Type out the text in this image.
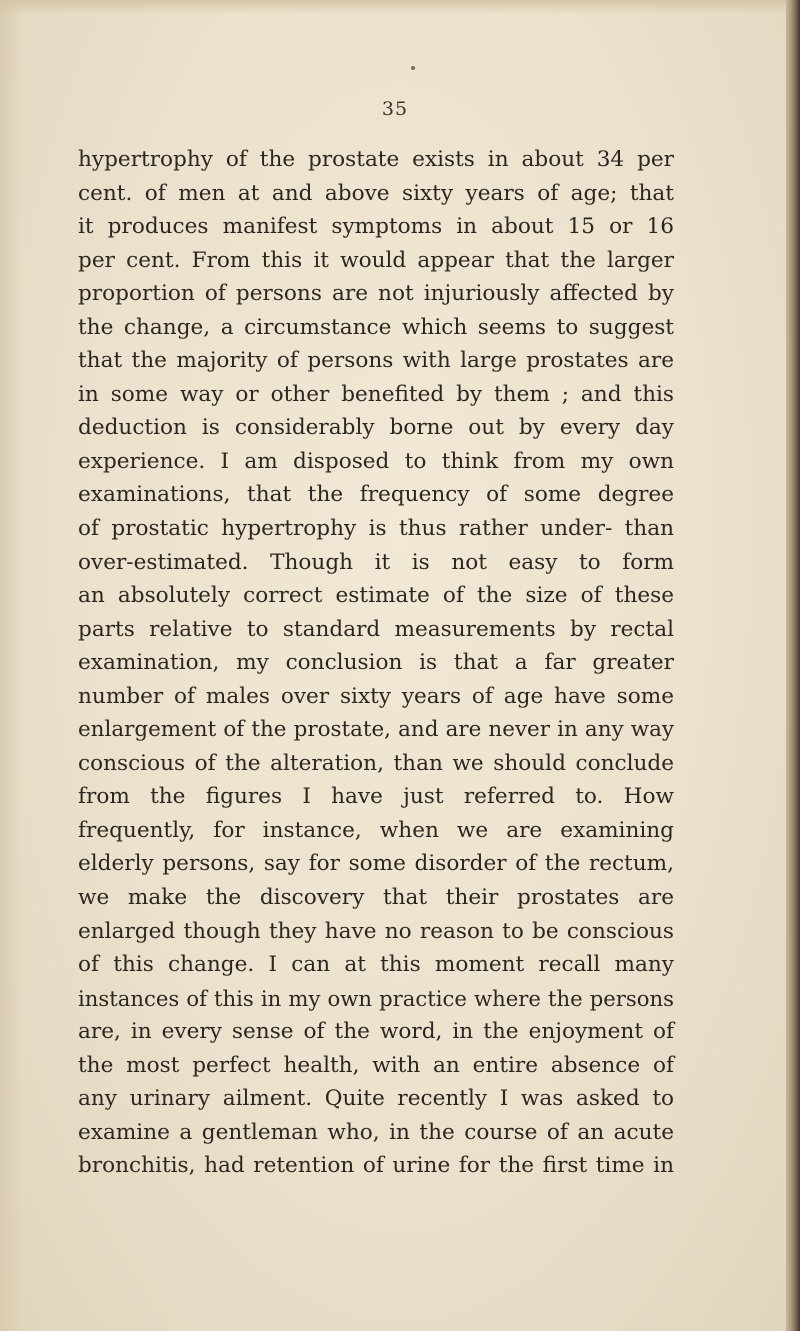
35

hypertrophy of the prostate exists in about 34 per
cent. of men at and above sixty years of age; that
it produces manifest symptoms in about 15 or 16
per cent. From this it would appear that the larger
proportion of persons are not injuriously affected by
the change, a circumstance which seems to suggest
that the majority of persons with large prostates are
in some way or other benefited by them ; and this
deduction is considerably borne out by every day
experience. I am disposed to think from my own
examinations, that the frequency of some degree
of prostatic hypertrophy is thus rather under- than
over-estimated. Though it is not easy to form
an absolutely correct estimate of the size of these
parts relative to standard measurements by rectal
examination, my conclusion is that a far greater
number of males over sixty years of age have some
enlargement of the prostate, and are never in any way
conscious of the alteration, than we should conclude
from the figures I have just referred to. How
frequently, for instance, when we are examining
elderly persons, say for some disorder of the rectum,
we make the discovery that their prostates are
enlarged though they have no reason to be conscious
of this change. I can at this moment recall many
instances of this in my own practice where the persons
are, in every sense of the word, in the enjoyment of
the most perfect health, with an entire absence of
any urinary ailment. Quite recently I was asked to
examine a gentleman who, in the course of an acute
bronchitis, had retention of urine for the first time in
